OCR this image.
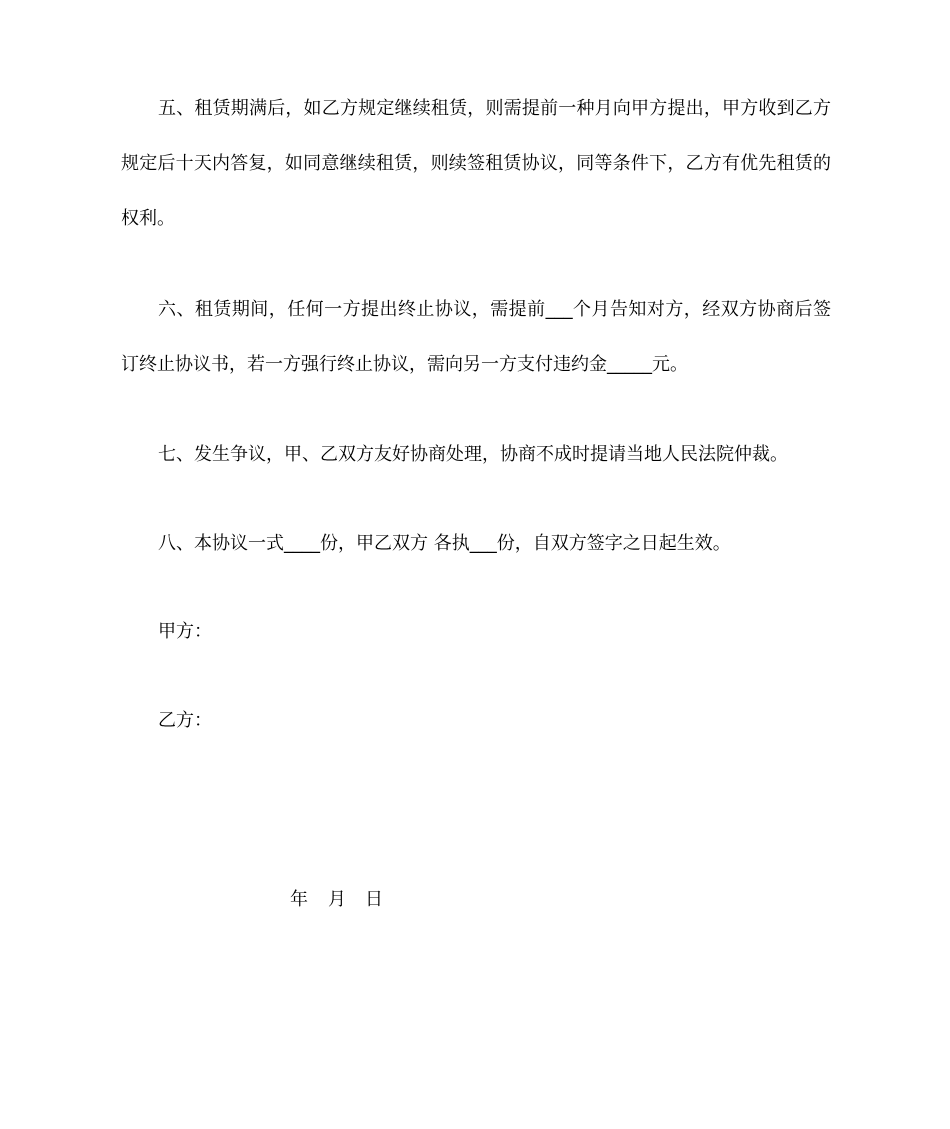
五、租赁期满后，如乙方规定继续租赁，则需提前一种月向甲方提出，甲方收到乙方规定后十天内答复，如同意继续租赁，则续签租赁协议，同等条件下，乙方有优先租赁的权利。

六、租赁期间，任何一方提出终止协议，需提前___个月告知对方，经双方协商后签订终止协议书，若一方强行终止协议，需向另一方支付违约金_____元。

七、发生争议，甲、乙双方友好协商处理，协商不成时提请当地人民法院仲裁。

八、本协议一式____份，甲乙双方 各执___份，自双方签字之日起生效。

甲方：

乙方：

年 月 日
